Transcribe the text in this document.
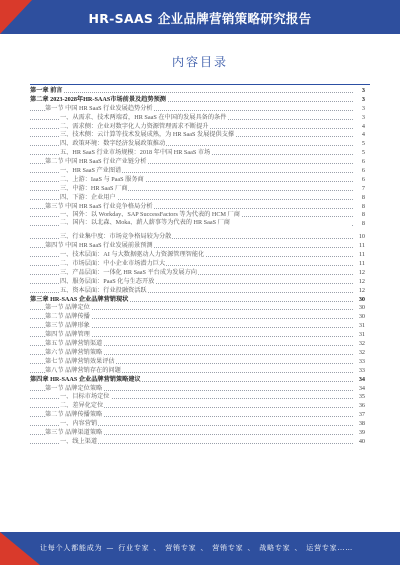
HR-SAAS 企业品牌营销策略研究报告
内容目录
第一章 前言	3
第二章 2023-2028年HR-SAAS市场前景及趋势预测	3
第一节 中国 HR SaaS 行业发展趋势分析	3
一、从需求、技术两端看，HR SaaS 在中国的发展具备的条件	3
二、需求侧：企业对数字化人力资源管理需求不断提升	4
三、技术侧：云计算等技术发展成熟，为 HR SaaS 发展提供支撑	4
四、政策环境：数字经济发展政策推动	5
五、HR SaaS 行业市场规模：2018 年中国 HR SaaS 市场	5
第二节 中国 HR SaaS 行业产业链分析	6
一、HR SaaS 产业图谱	6
二、上游：IaaS 与 PaaS 服务商	6
三、中游：HR SaaS 厂商	7
四、下游：企业用户	8
第三节 中国 HR SaaS 行业竞争格局分析	8
一、国外：以 Workday、SAP SuccessFactors 等为代表的 HCM 厂商	8
二、国内：以北森、Moka、薪人薪事等为代表的 HR SaaS 厂商	8
三、行业集中度：市场竞争格局较为分散	10
第四节 中国 HR SaaS 行业发展前景预测	11
一、技术层面：AI 与大数据驱动人力资源管理智能化	11
二、市场层面：中小企业市场潜力巨大	11
三、产品层面：一体化 HR SaaS 平台成为发展方向	12
四、服务层面：PaaS 化与生态开放	12
五、资本层面：行业投融资活跃	12
第三章 HR-SAAS 企业品牌营销现状	30
第一节 品牌定位	30
第二节 品牌传播	30
第三节 品牌形象	31
第四节 品牌管理	31
第五节 品牌营销渠道	32
第六节 品牌营销策略	32
第七节 品牌营销效果评估	33
第八节 品牌营销存在的问题	33
第四章 HR-SAAS 企业品牌营销策略建议	34
第一节 品牌定位策略	34
一、目标市场定位	35
二、差异化定位	36
第二节 品牌传播策略	37
一、内容营销	38
第三节 品牌渠道策略	39
一、线上渠道	40
让每个人都能成为 — 行业专家 、 营销专家 、 营销专家 、 战略专家 、 运营专家……
